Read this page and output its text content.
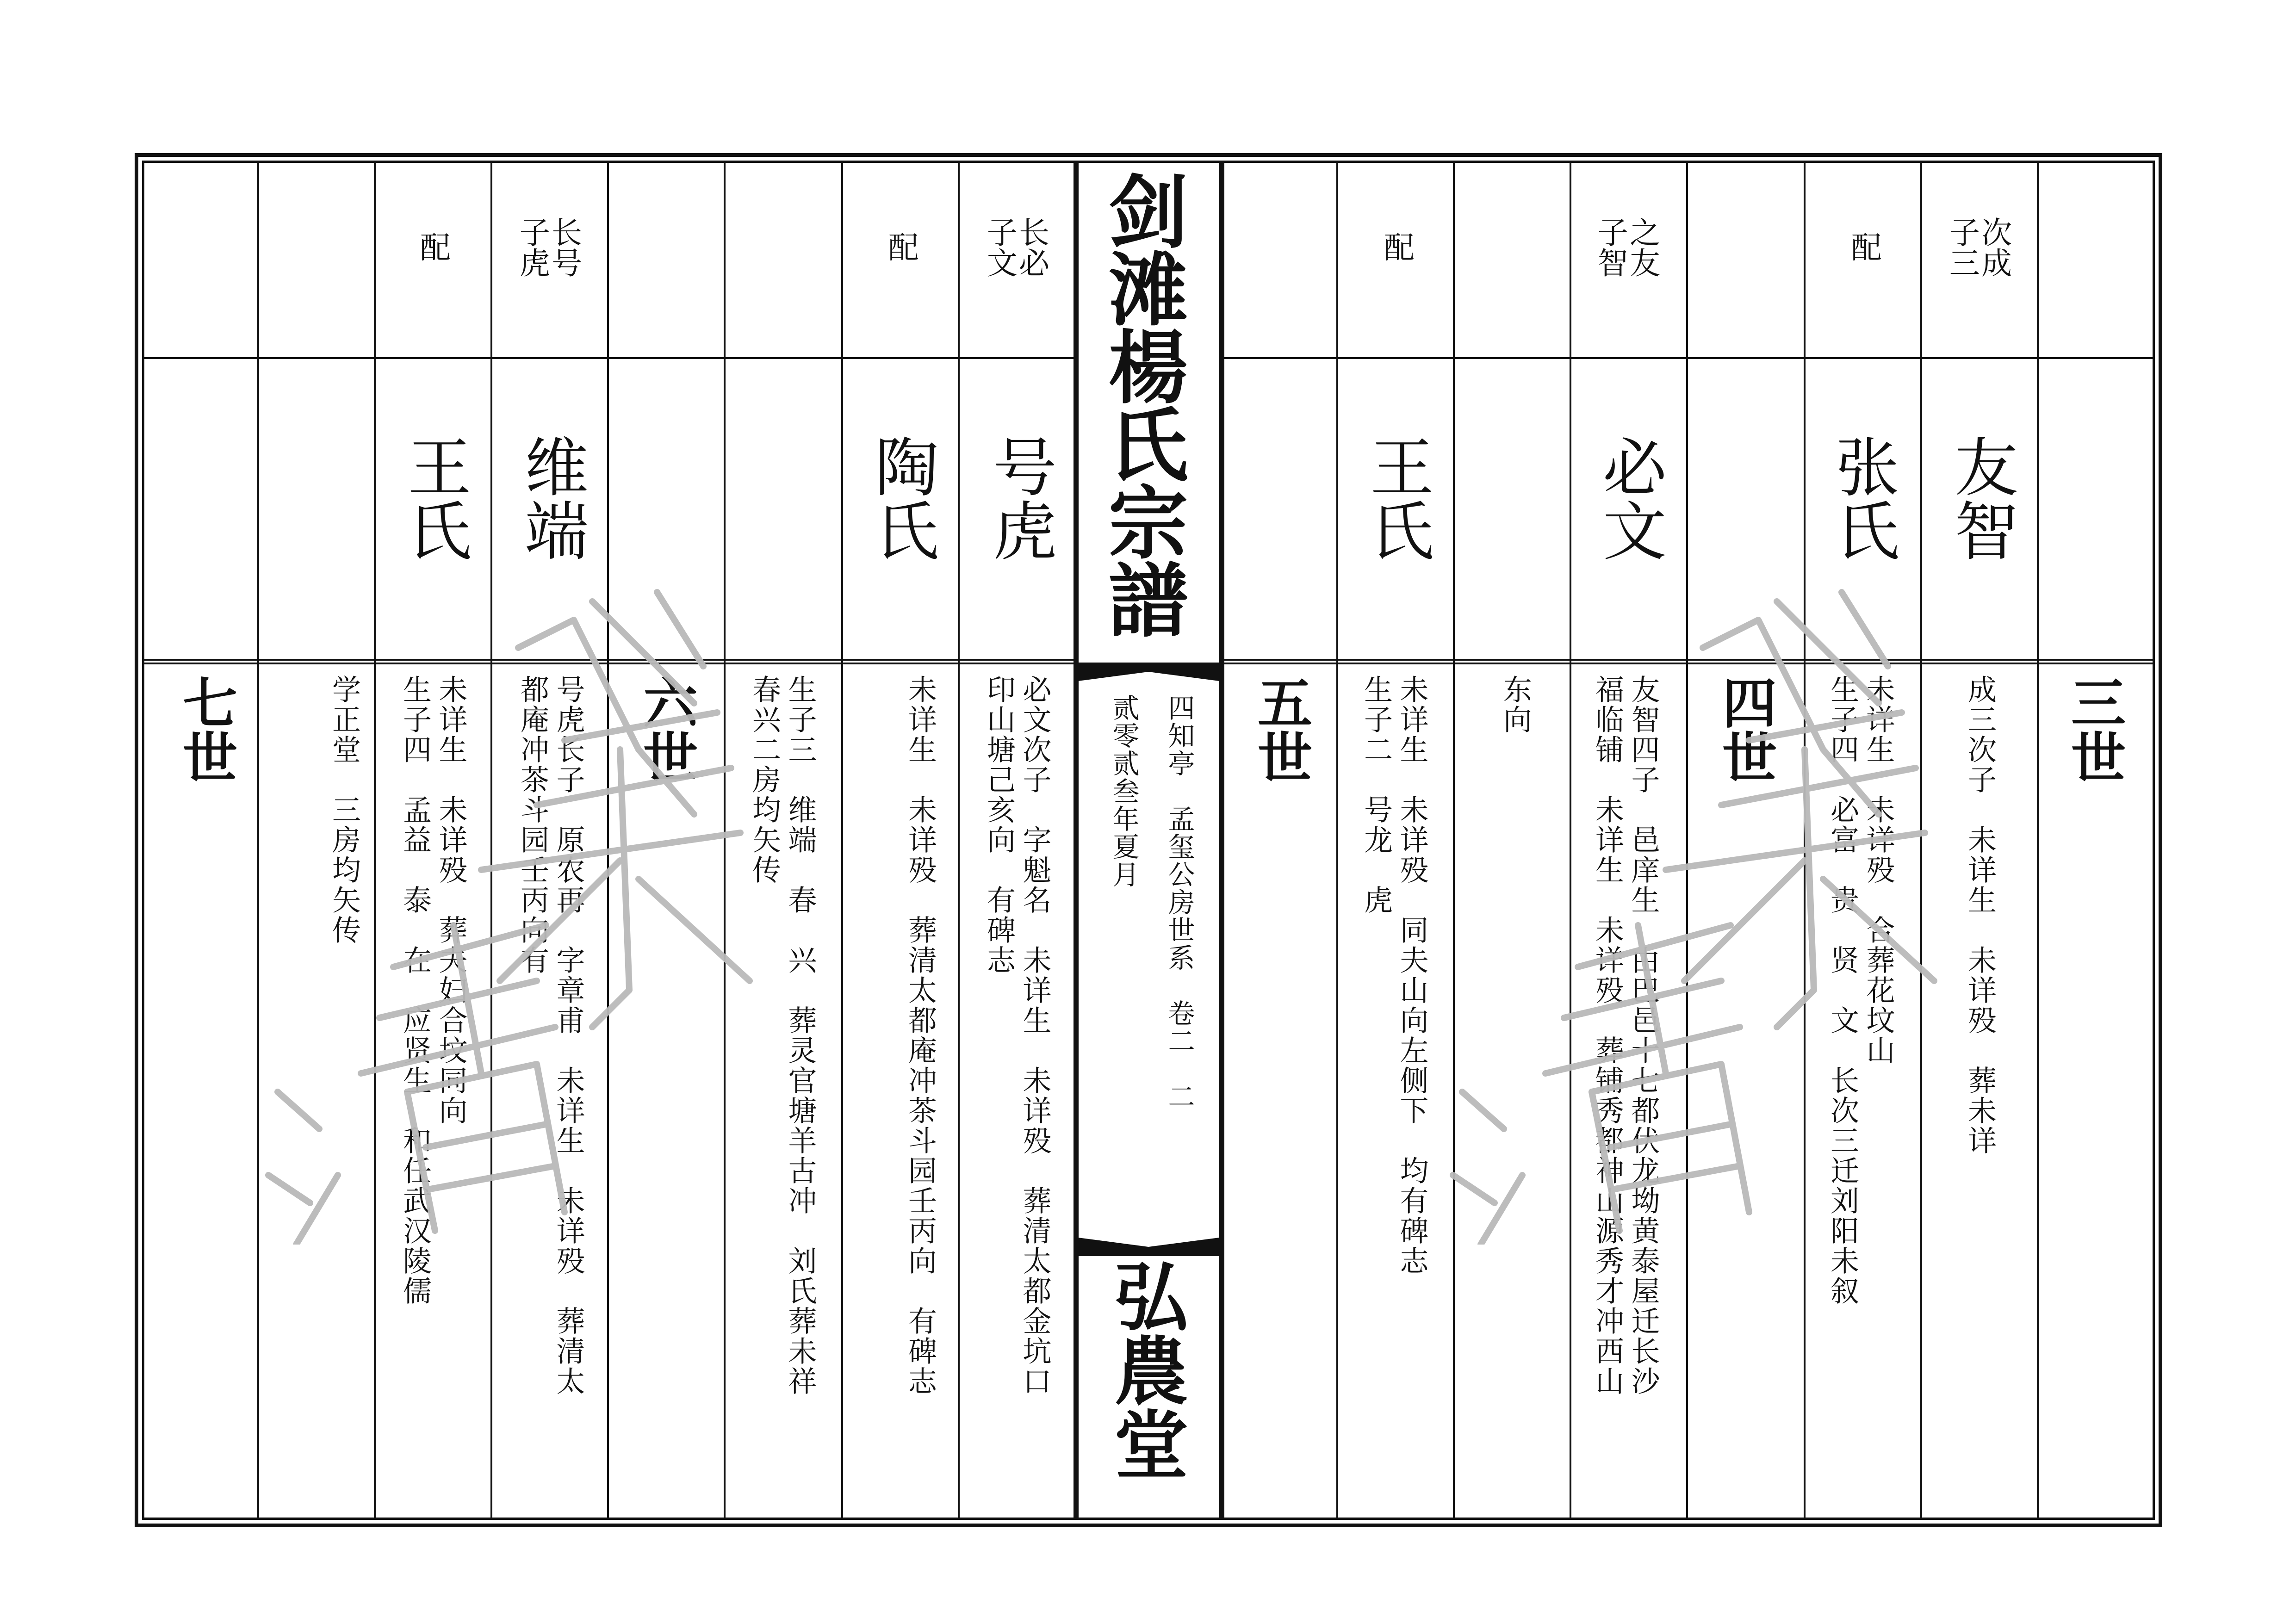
剑滩楊氏宗譜
四知亭　孟玺公房世系　卷二　二
贰零贰叁年夏月
弘農堂
三世
成三次子　未详生　未详殁　葬未详
次成
子三
友智
配
张氏
未详生　未详殁　合葬花坟山
生子四　必富　贵　贤　文　长次三迁刘阳未叙
四世
之友
子智
必文
友智四子　邑庠生　由巴邑十七都伏龙坳黄泰屋迁长沙
福临铺　未详生　未详殁　葬铺秀都神山源秀才冲西山
东向
配
王氏
未详生　未详殁　同夫山向左侧下　均有碑志
生子二　号龙　虎
五世
长必
子文
号虎
必文次子　字魁名　未详生　未详殁　葬清太都金坑口
印山塘己亥向　有碑志
配
陶氏
未详生　未详殁　葬清太都庵冲茶斗园壬丙向　有碑志
生子三　维端　春　兴　葬灵官塘羊古冲　刘氏葬未祥
春兴二房均矢传
六世
长号
子虎
维端
号虎长子　原农再　字章甫　未详生　未详殁　葬清太
都庵冲茶斗园壬丙向有
配
王氏
未详生　未详殁　葬夫妇合坟同向
生子四　孟益　泰　在　应贤生　和任武汉陵儒
学正堂　三房均矢传
七世
